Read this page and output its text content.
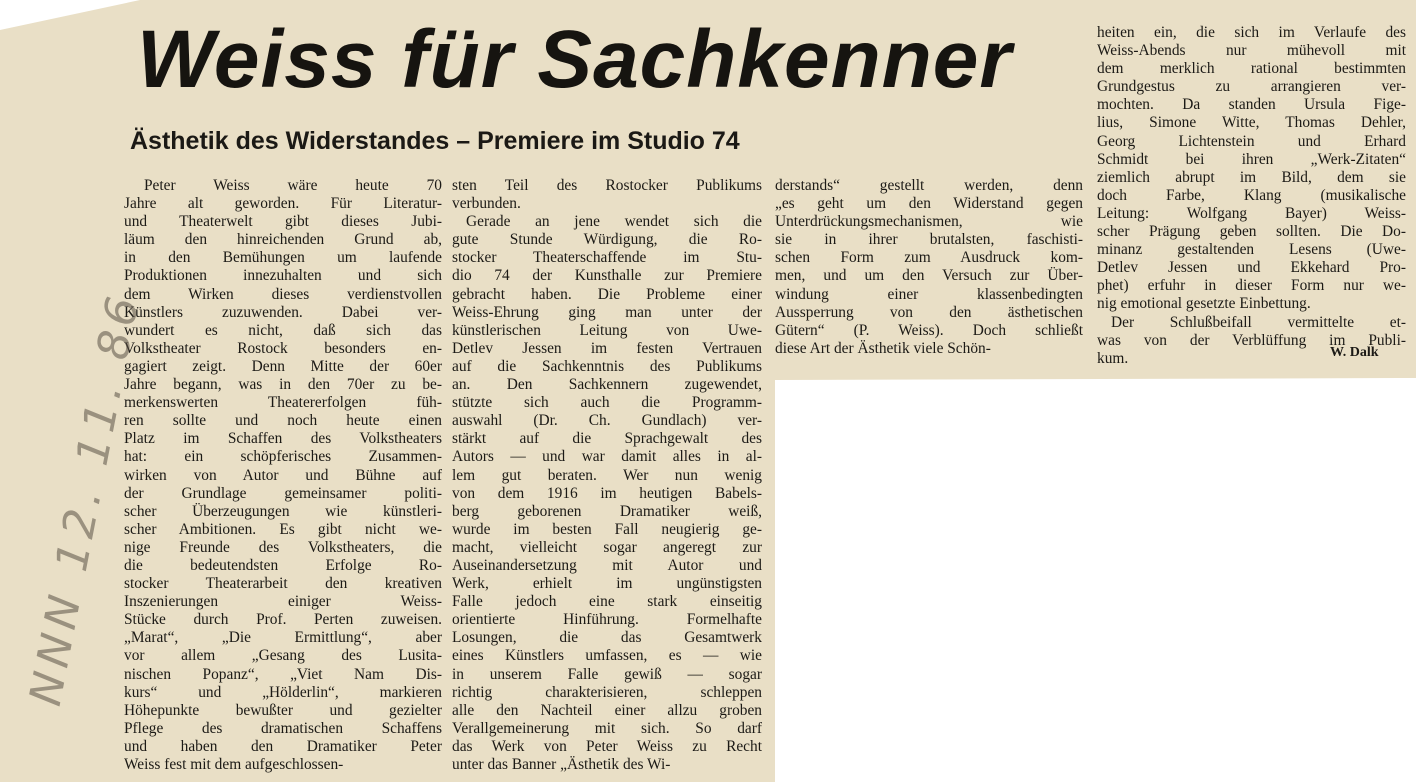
Weiss für Sachkenner
Ästhetik des Widerstandes – Premiere im Studio 74
Peter Weiss wäre heute 70
Jahre alt geworden. Für Literatur-
und Theaterwelt gibt dieses Jubi-
läum den hinreichenden Grund ab,
in den Bemühungen um laufende
Produktionen innezuhalten und sich
dem Wirken dieses verdienstvollen
Künstlers zuzuwenden. Dabei ver-
wundert es nicht, daß sich das
Volkstheater Rostock besonders en-
gagiert zeigt. Denn Mitte der 60er
Jahre begann, was in den 70er zu be-
merkenswerten Theatererfolgen füh-
ren sollte und noch heute einen
Platz im Schaffen des Volkstheaters
hat: ein schöpferisches Zusammen-
wirken von Autor und Bühne auf
der Grundlage gemeinsamer politi-
scher Überzeugungen wie künstleri-
scher Ambitionen. Es gibt nicht we-
nige Freunde des Volkstheaters, die
die bedeutendsten Erfolge Ro-
stocker Theaterarbeit den kreativen
Inszenierungen einiger Weiss-
Stücke durch Prof. Perten zuweisen.
„Marat“, „Die Ermittlung“, aber
vor allem „Gesang des Lusita-
nischen Popanz“, „Viet Nam Dis-
kurs“ und „Hölderlin“, markieren
Höhepunkte bewußter und gezielter
Pflege des dramatischen Schaffens
und haben den Dramatiker Peter
Weiss fest mit dem aufgeschlossen-
sten Teil des Rostocker Publikums
verbunden.
Gerade an jene wendet sich die
gute Stunde Würdigung, die Ro-
stocker Theaterschaffende im Stu-
dio 74 der Kunsthalle zur Premiere
gebracht haben. Die Probleme einer
Weiss-Ehrung ging man unter der
künstlerischen Leitung von Uwe-
Detlev Jessen im festen Vertrauen
auf die Sachkenntnis des Publikums
an. Den Sachkennern zugewendet,
stützte sich auch die Programm-
auswahl (Dr. Ch. Gundlach) ver-
stärkt auf die Sprachgewalt des
Autors — und war damit alles in al-
lem gut beraten. Wer nun wenig
von dem 1916 im heutigen Babels-
berg geborenen Dramatiker weiß,
wurde im besten Fall neugierig ge-
macht, vielleicht sogar angeregt zur
Auseinandersetzung mit Autor und
Werk, erhielt im ungünstigsten
Falle jedoch eine stark einseitig
orientierte Hinführung. Formelhafte
Losungen, die das Gesamtwerk
eines Künstlers umfassen, es — wie
in unserem Falle gewiß — sogar
richtig charakterisieren, schleppen
alle den Nachteil einer allzu groben
Verallgemeinerung mit sich. So darf
das Werk von Peter Weiss zu Recht
unter das Banner „Ästhetik des Wi-
derstands“ gestellt werden, denn
„es geht um den Widerstand gegen
Unterdrückungsmechanismen, wie
sie in ihrer brutalsten, faschisti-
schen Form zum Ausdruck kom-
men, und um den Versuch zur Über-
windung einer klassenbedingten
Aussperrung von den ästhetischen
Gütern“ (P. Weiss). Doch schließt
diese Art der Ästhetik viele Schön-
heiten ein, die sich im Verlaufe des
Weiss-Abends nur mühevoll mit
dem merklich rational bestimmten
Grundgestus zu arrangieren ver-
mochten. Da standen Ursula Fige-
lius, Simone Witte, Thomas Dehler,
Georg Lichtenstein und Erhard
Schmidt bei ihren „Werk-Zitaten“
ziemlich abrupt im Bild, dem sie
doch Farbe, Klang (musikalische
Leitung: Wolfgang Bayer) Weiss-
scher Prägung geben sollten. Die Do-
minanz gestaltenden Lesens (Uwe-
Detlev Jessen und Ekkehard Pro-
phet) erfuhr in dieser Form nur we-
nig emotional gesetzte Einbettung.
Der Schlußbeifall vermittelte et-
was von der Verblüffung im Publi-
kum.	W. Dalk
NNN 12. 11. 86
